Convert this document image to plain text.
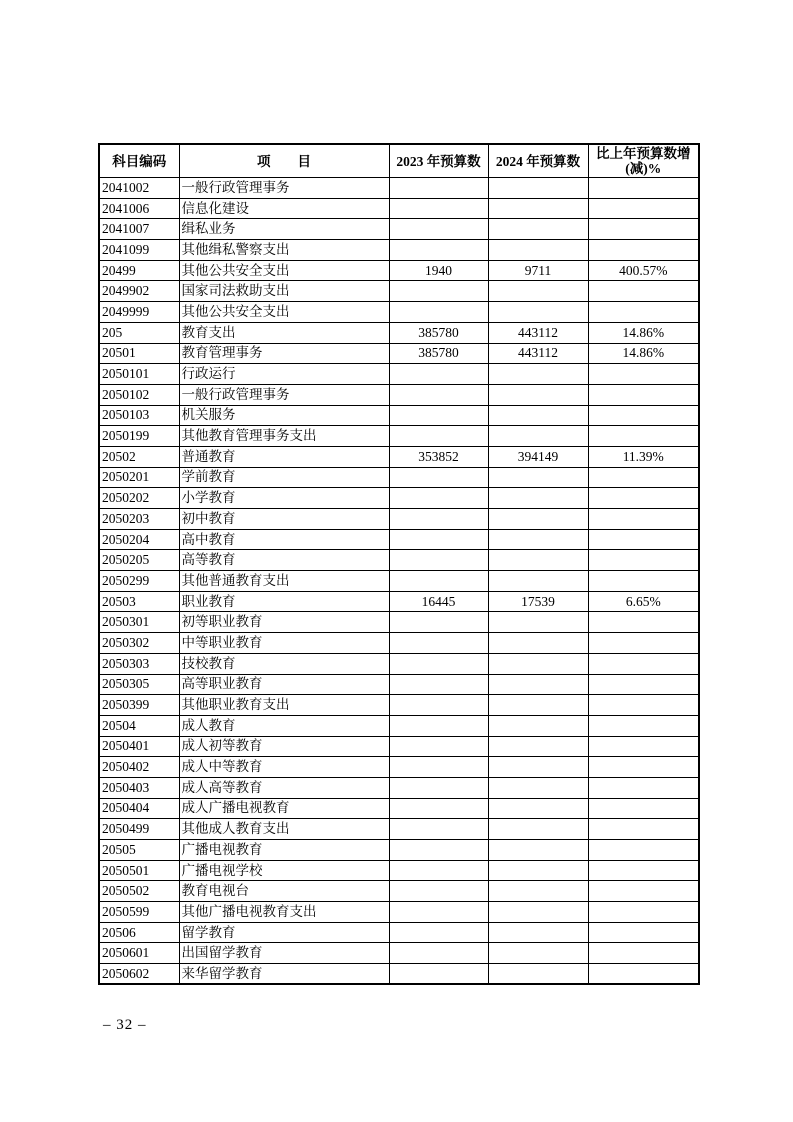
科目编码	项　　目	2023 年预算数	2024 年预算数	比上年预算数增
(减)%
2041002	一般行政管理事务			
2041006	信息化建设			
2041007	缉私业务			
2041099	其他缉私警察支出			
20499	其他公共安全支出	1940	9711	400.57%
2049902	国家司法救助支出			
2049999	其他公共安全支出			
205	教育支出	385780	443112	14.86%
20501	教育管理事务	385780	443112	14.86%
2050101	行政运行			
2050102	一般行政管理事务			
2050103	机关服务			
2050199	其他教育管理事务支出			
20502	普通教育	353852	394149	11.39%
2050201	学前教育			
2050202	小学教育			
2050203	初中教育			
2050204	高中教育			
2050205	高等教育			
2050299	其他普通教育支出			
20503	职业教育	16445	17539	6.65%
2050301	初等职业教育			
2050302	中等职业教育			
2050303	技校教育			
2050305	高等职业教育			
2050399	其他职业教育支出			
20504	成人教育			
2050401	成人初等教育			
2050402	成人中等教育			
2050403	成人高等教育			
2050404	成人广播电视教育			
2050499	其他成人教育支出			
20505	广播电视教育			
2050501	广播电视学校			
2050502	教育电视台			
2050599	其他广播电视教育支出			
20506	留学教育			
2050601	出国留学教育			
2050602	来华留学教育			
– 32 –
